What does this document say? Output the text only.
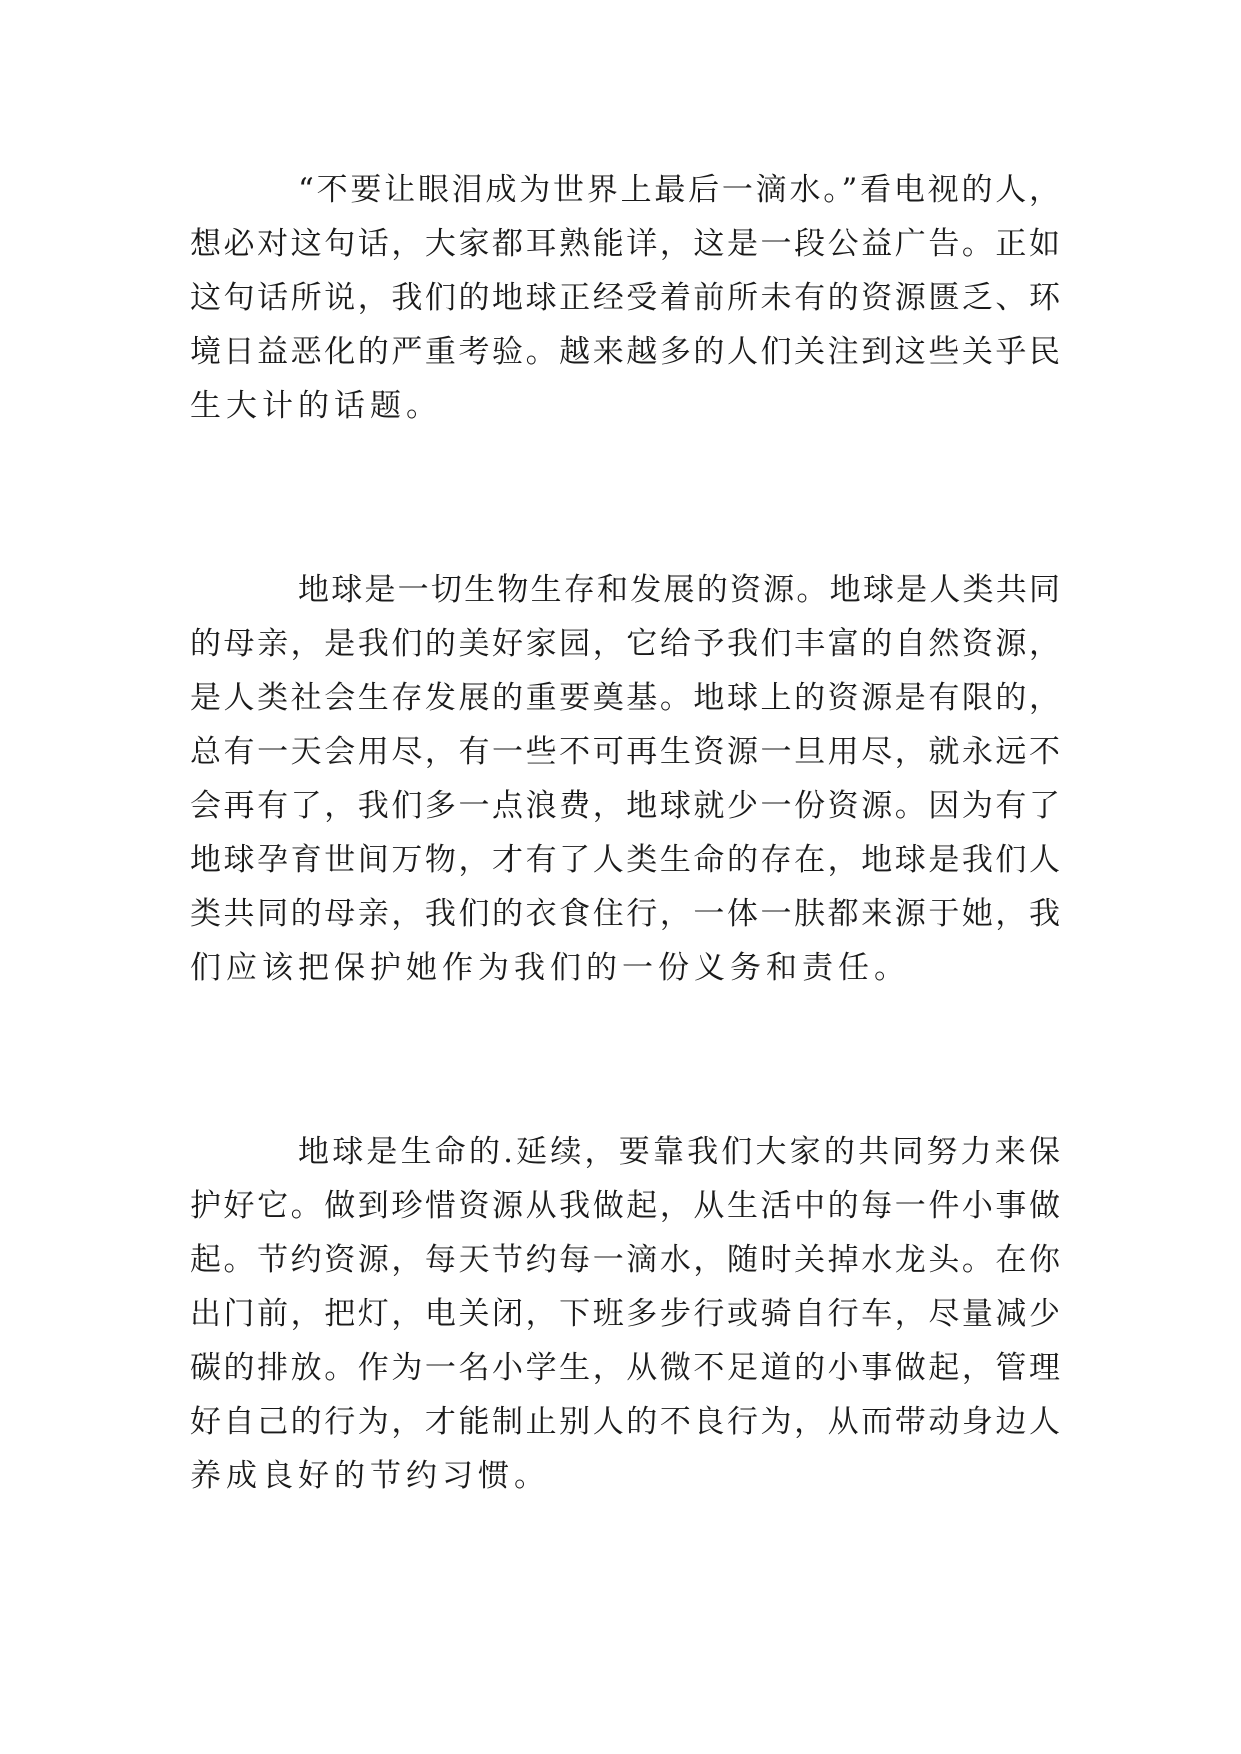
“不要让眼泪成为世界上最后一滴水。”看电视的人，
想必对这句话，大家都耳熟能详，这是一段公益广告。正如
这句话所说，我们的地球正经受着前所未有的资源匮乏、环
境日益恶化的严重考验。越来越多的人们关注到这些关乎民
生大计的话题。
地球是一切生物生存和发展的资源。地球是人类共同
的母亲，是我们的美好家园，它给予我们丰富的自然资源，
是人类社会生存发展的重要奠基。地球上的资源是有限的，
总有一天会用尽，有一些不可再生资源一旦用尽，就永远不
会再有了，我们多一点浪费，地球就少一份资源。因为有了
地球孕育世间万物，才有了人类生命的存在，地球是我们人
类共同的母亲，我们的衣食住行，一体一肤都来源于她，我
们应该把保护她作为我们的一份义务和责任。
地球是生命的.延续，要靠我们大家的共同努力来保
护好它。做到珍惜资源从我做起，从生活中的每一件小事做
起。节约资源，每天节约每一滴水，随时关掉水龙头。在你
出门前，把灯，电关闭，下班多步行或骑自行车，尽量减少
碳的排放。作为一名小学生，从微不足道的小事做起，管理
好自己的行为，才能制止别人的不良行为，从而带动身边人
养成良好的节约习惯。
